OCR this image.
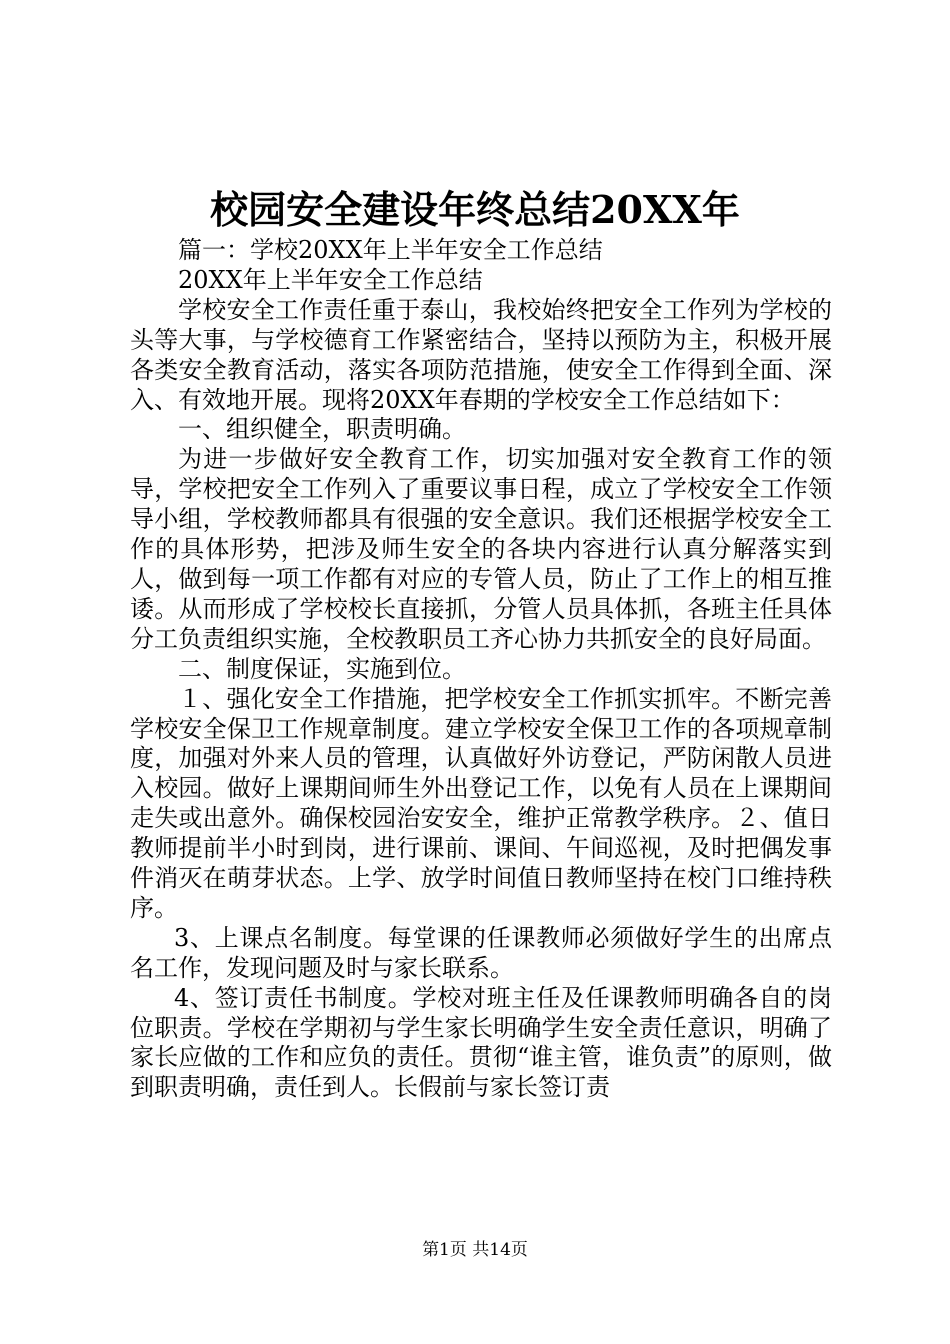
校园安全建设年终总结20XX年

篇一：学校20XX年上半年安全工作总结

20XX年上半年安全工作总结

学校安全工作责任重于泰山，我校始终把安全工作列为学校的头等大事，与学校德育工作紧密结合，坚持以预防为主，积极开展各类安全教育活动，落实各项防范措施，使安全工作得到全面、深入、有效地开展。现将20XX年春期的学校安全工作总结如下：

一、组织健全，职责明确。

为进一步做好安全教育工作，切实加强对安全教育工作的领导，学校把安全工作列入了重要议事日程，成立了学校安全工作领导小组，学校教师都具有很强的安全意识。我们还根据学校安全工作的具体形势，把涉及师生安全的各块内容进行认真分解落实到人，做到每一项工作都有对应的专管人员，防止了工作上的相互推诿。从而形成了学校校长直接抓，分管人员具体抓，各班主任具体分工负责组织实施，全校教职员工齐心协力共抓安全的良好局面。

二、制度保证，实施到位。

１、强化安全工作措施，把学校安全工作抓实抓牢。不断完善学校安全保卫工作规章制度。建立学校安全保卫工作的各项规章制度，加强对外来人员的管理，认真做好外访登记，严防闲散人员进入校园。做好上课期间师生外出登记工作，以免有人员在上课期间走失或出意外。确保校园治安安全，维护正常教学秩序。２、值日教师提前半小时到岗，进行课前、课间、午间巡视，及时把偶发事件消灭在萌芽状态。上学、放学时间值日教师坚持在校门口维持秩序。

3、上课点名制度。每堂课的任课教师必须做好学生的出席点名工作，发现问题及时与家长联系。

4、签订责任书制度。学校对班主任及任课教师明确各自的岗位职责。学校在学期初与学生家长明确学生安全责任意识，明确了家长应做的工作和应负的责任。贯彻“谁主管，谁负责”的原则，做到职责明确，责任到人。长假前与家长签订责

第1页 共14页
